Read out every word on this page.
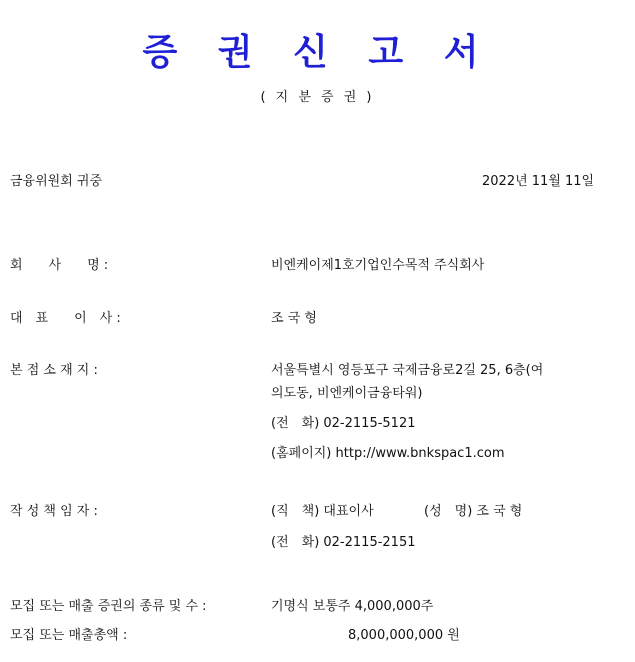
증 권 신 고 서
( 지 분 증 권 )
금융위원회 귀중	2022년 11월 11일
회　　사　　명 :	비엔케이제1호기업인수목적 주식회사
대　표　　이　사 :	조 국 형
본 점 소 재 지 :	서울특별시 영등포구 국제금융로2길 25, 6층(여
의도동, 비엔케이금융타워)
(전　화) 02-2115-5121
(홈페이지) http://www.bnkspac1.com
작 성 책 임 자 :	(직　책) 대표이사	(성　명) 조 국 형
(전　화) 02-2115-2151
모집 또는 매출 증권의 종류 및 수 :	기명식 보통주 4,000,000주
모집 또는 매출총액 :	8,000,000,000 원
